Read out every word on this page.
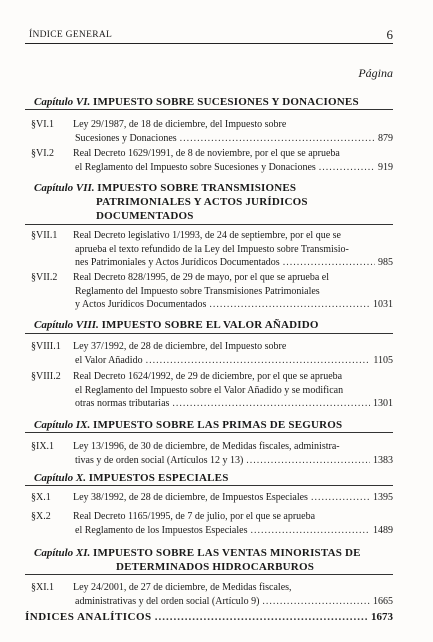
ÍNDICE GENERAL	6
Página
Capítulo VI. IMPUESTO SOBRE SUCESIONES Y DONACIONES
§VI.1 Ley 29/1987, de 18 de diciembre, del Impuesto sobre
Sucesiones y Donaciones .....	879
§VI.2 Real Decreto 1629/1991, de 8 de noviembre, por el que se aprueba
el Reglamento del Impuesto sobre Sucesiones y Donaciones .....	919
Capítulo VII. IMPUESTO SOBRE TRANSMISIONES
PATRIMONIALES Y ACTOS JURÍDICOS
DOCUMENTADOS
§VII.1 Real Decreto legislativo 1/1993, de 24 de septiembre, por el que se
aprueba el texto refundido de la Ley del Impuesto sobre Transmisio-
nes Patrimoniales y Actos Jurídicos Documentados .....	985
§VII.2 Real Decreto 828/1995, de 29 de mayo, por el que se aprueba el
Reglamento del Impuesto sobre Transmisiones Patrimoniales
y Actos Jurídicos Documentados .....	1031
Capítulo VIII. IMPUESTO SOBRE EL VALOR AÑADIDO
§VIII.1 Ley 37/1992, de 28 de diciembre, del Impuesto sobre
el Valor Añadido .....	1105
§VIII.2 Real Decreto 1624/1992, de 29 de diciembre, por el que se aprueba
el Reglamento del Impuesto sobre el Valor Añadido y se modifican
otras normas tributarias .....	1301
Capítulo IX. IMPUESTO SOBRE LAS PRIMAS DE SEGUROS
§IX.1 Ley 13/1996, de 30 de diciembre, de Medidas fiscales, administra-
tivas y de orden social (Artículos 12 y 13) .....	1383
Capítulo X. IMPUESTOS ESPECIALES
§X.1 Ley 38/1992, de 28 de diciembre, de Impuestos Especiales .....	1395
§X.2 Real Decreto 1165/1995, de 7 de julio, por el que se aprueba
el Reglamento de los Impuestos Especiales .....	1489
Capítulo XI. IMPUESTO SOBRE LAS VENTAS MINORISTAS DE
DETERMINADOS HIDROCARBUROS
§XI.1 Ley 24/2001, de 27 de diciembre, de Medidas fiscales,
administrativas y del orden social (Artículo 9) .....	1665
ÍNDICES ANALÍTICOS .....	1673
